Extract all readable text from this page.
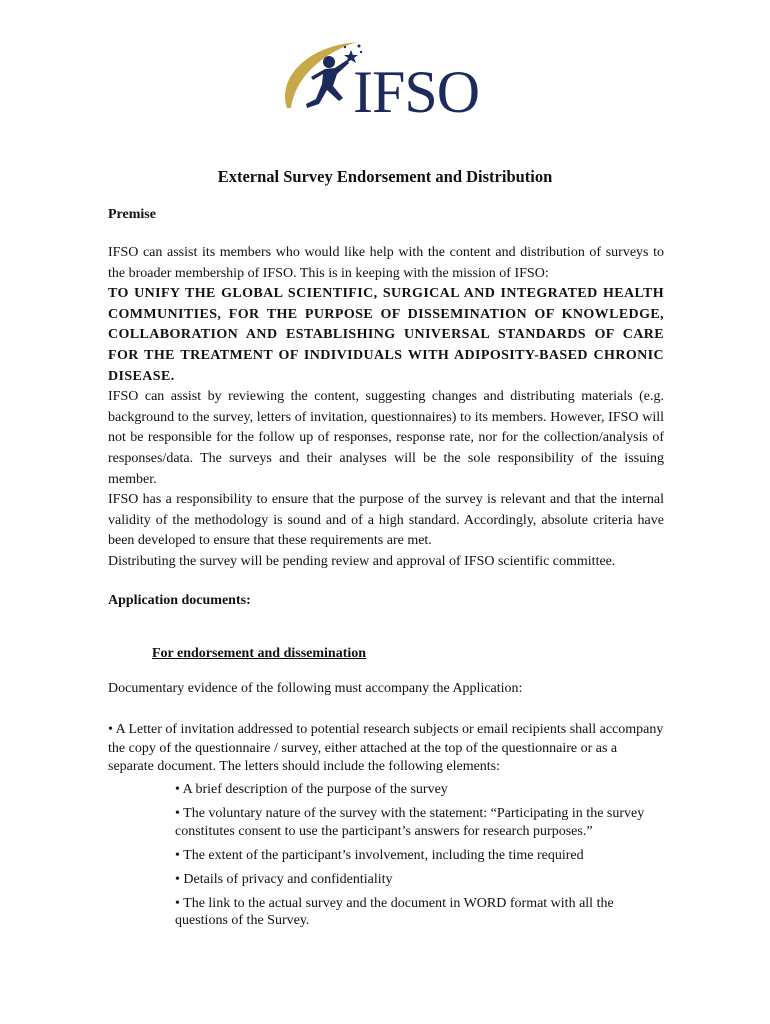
IFSO
External Survey Endorsement and Distribution
Premise

IFSO can assist its members who would like help with the content and distribution of surveys to the broader membership of IFSO. This is in keeping with the mission of IFSO:

TO UNIFY THE GLOBAL SCIENTIFIC, SURGICAL AND INTEGRATED HEALTH COMMUNITIES, FOR THE PURPOSE OF DISSEMINATION OF KNOWLEDGE, COLLABORATION AND ESTABLISHING UNIVERSAL STANDARDS OF CARE FOR THE TREATMENT OF INDIVIDUALS WITH ADIPOSITY-BASED CHRONIC DISEASE.

IFSO can assist by reviewing the content, suggesting changes and distributing materials (e.g. background to the survey, letters of invitation, questionnaires) to its members. However, IFSO will not be responsible for the follow up of responses, response rate, nor for the collection/analysis of responses/data. The surveys and their analyses will be the sole responsibility of the issuing member.

IFSO has a responsibility to ensure that the purpose of the survey is relevant and that the internal validity of the methodology is sound and of a high standard. Accordingly, absolute criteria have been developed to ensure that these requirements are met.

Distributing the survey will be pending review and approval of IFSO scientific committee.

Application documents:
For endorsement and dissemination
Documentary evidence of the following must accompany the Application:
• A Letter of invitation addressed to potential research subjects or email recipients shall accompany the copy of the questionnaire / survey, either attached at the top of the questionnaire or as a separate document. The letters should include the following elements:

• A brief description of the purpose of the survey

• The voluntary nature of the survey with the statement: “Participating in the survey constitutes consent to use the participant’s answers for research purposes.”

• The extent of the participant’s involvement, including the time required

• Details of privacy and confidentiality

• The link to the actual survey and the document in WORD format with all the questions of the Survey.
